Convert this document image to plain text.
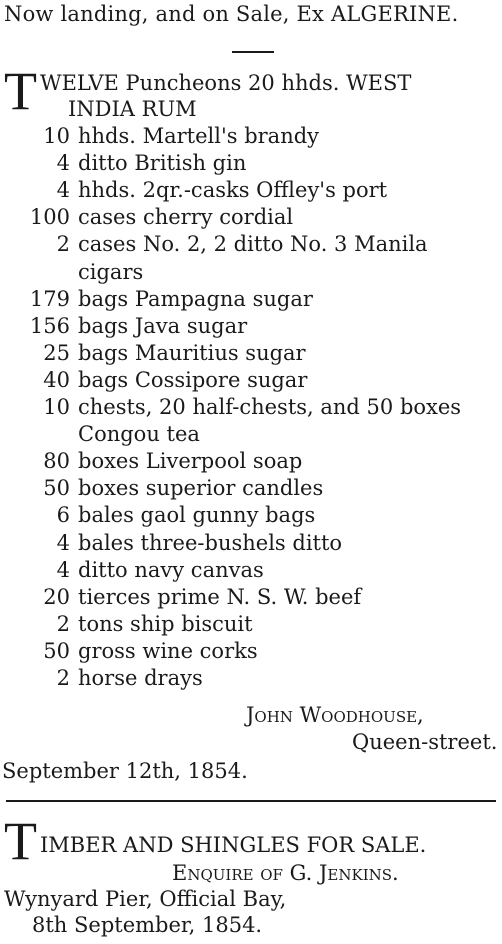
Now landing, and on Sale, Ex ALGERINE.
T WELVE Puncheons 20 hhds. WEST
INDIA RUM
10 hhds. Martell's brandy
4 ditto British gin
4 hhds. 2qr.-casks Offley's port
100 cases cherry cordial
2 cases No. 2, 2 ditto No. 3 Manila
cigars
179 bags Pampagna sugar
156 bags Java sugar
25 bags Mauritius sugar
40 bags Cossipore sugar
10 chests, 20 half-chests, and 50 boxes
Congou tea
80 boxes Liverpool soap
50 boxes superior candles
6 bales gaol gunny bags
4 bales three-bushels ditto
4 ditto navy canvas
20 tierces prime N. S. W. beef
2 tons ship biscuit
50 gross wine corks
2 horse drays
John Woodhouse,
Queen-street.
September 12th, 1854.
T IMBER AND SHINGLES FOR SALE.
Enquire of G. Jenkins.
Wynyard Pier, Official Bay,
8th September, 1854.
